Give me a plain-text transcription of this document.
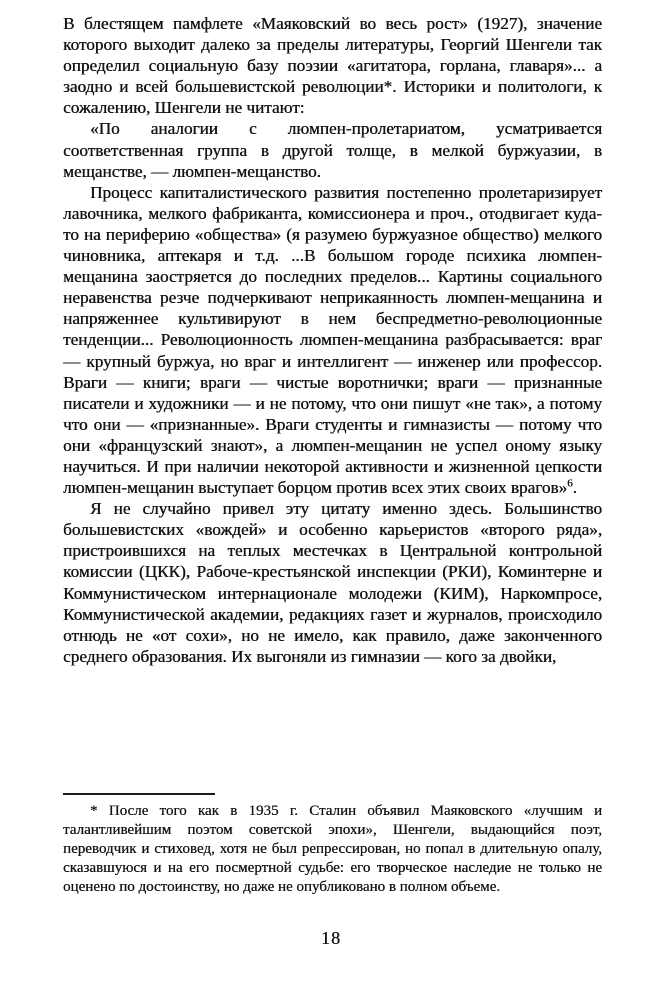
В блестящем памфлете «Маяковский во весь рост» (1927), значение которого выходит далеко за пределы литературы, Георгий Шенгели так определил социальную базу поэзии «агитатора, горлана, главаря»... а заодно и всей большевистской революции*. Историки и политологи, к сожалению, Шенгели не читают:

«По аналогии с люмпен-пролетариатом, усматривается соответственная группа в другой толще, в мелкой буржуазии, в мещанстве, — люмпен-мещанство.

Процесс капиталистического развития постепенно пролетаризирует лавочника, мелкого фабриканта, комиссионера и проч., отодвигает куда-то на периферию «общества» (я разумею буржуазное общество) мелкого чиновника, аптекаря и т.д. ...В большом городе психика люмпен-мещанина заостряется до последних пределов... Картины социального неравенства резче подчеркивают неприкаянность люмпен-мещанина и напряженнее культивируют в нем беспредметно-революционные тенденции... Революционность люмпен-мещанина разбрасывается: враг — крупный буржуа, но враг и интеллигент — инженер или профессор. Враги — книги; враги — чистые воротнички; враги — признанные писатели и художники — и не потому, что они пишут «не так», а потому что они — «признанные». Враги студенты и гимназисты — потому что они «французский знают», а люмпен-мещанин не успел оному языку научиться. И при наличии некоторой активности и жизненной цепкости люмпен-мещанин выступает борцом против всех этих своих врагов»$^6$.

Я не случайно привел эту цитату именно здесь. Большинство большевистских «вождей» и особенно карьеристов «второго ряда», пристроившихся на теплых местечках в Центральной контрольной комиссии (ЦКК), Рабоче-крестьянской инспекции (РКИ), Коминтерне и Коммунистическом интернационале молодежи (КИМ), Наркомпросе, Коммунистической академии, редакциях газет и журналов, происходило отнюдь не «от сохи», но не имело, как правило, даже законченного среднего образования. Их выгоняли из гимназии — кого за двойки,

* После того как в 1935 г. Сталин объявил Маяковского «лучшим и талантливейшим поэтом советской эпохи», Шенгели, выдающийся поэт, переводчик и стиховед, хотя не был репрессирован, но попал в длительную опалу, сказавшуюся и на его посмертной судьбе: его творческое наследие не только не оценено по достоинству, но даже не опубликовано в полном объеме.

18
